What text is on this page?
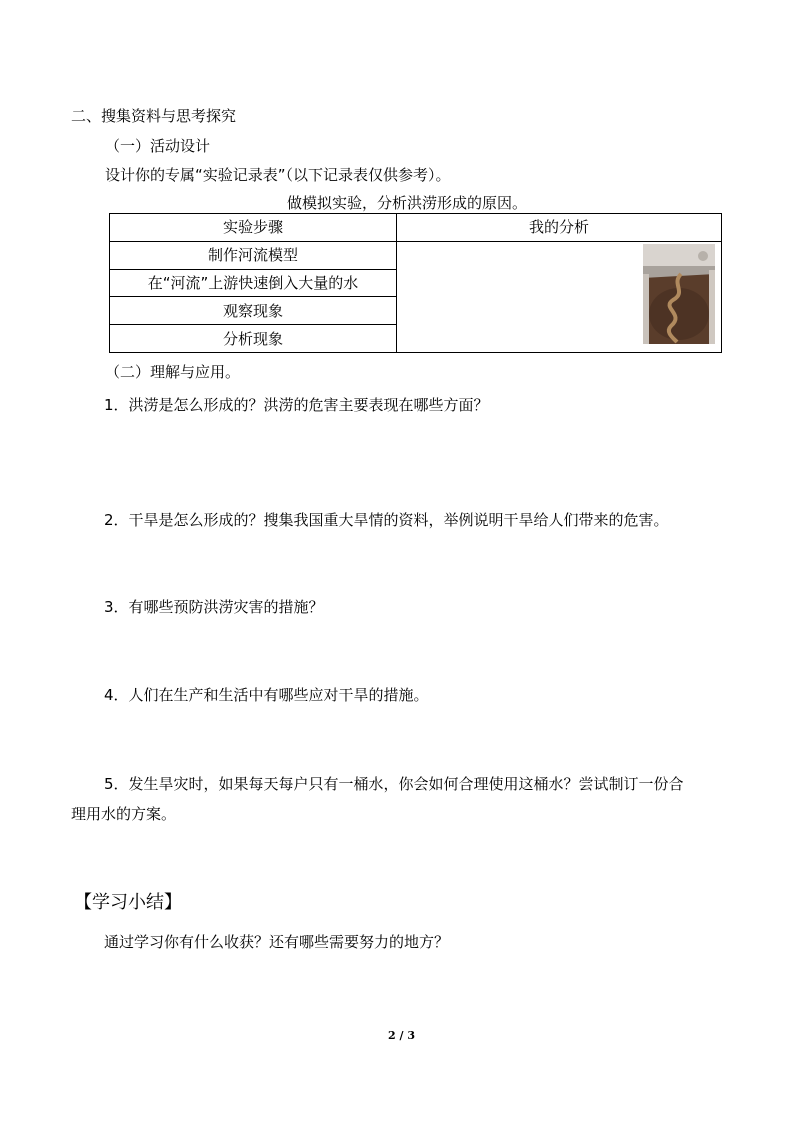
二、搜集资料与思考探究
（一）活动设计
设计你的专属“实验记录表”（以下记录表仅供参考）。
做模拟实验，分析洪涝形成的原因。
实验步骤	我的分析
制作河流模型	

在“河流”上游快速倒入大量的水	
观察现象	
分析现象	
（二）理解与应用。
1．洪涝是怎么形成的？洪涝的危害主要表现在哪些方面？
2．干旱是怎么形成的？搜集我国重大旱情的资料，举例说明干旱给人们带来的危害。
3．有哪些预防洪涝灾害的措施？
4．人们在生产和生活中有哪些应对干旱的措施。
5．发生旱灾时，如果每天每户只有一桶水，你会如何合理使用这桶水？尝试制订一份合
理用水的方案。
【学习小结】
通过学习你有什么收获？还有哪些需要努力的地方？
2 / 3
